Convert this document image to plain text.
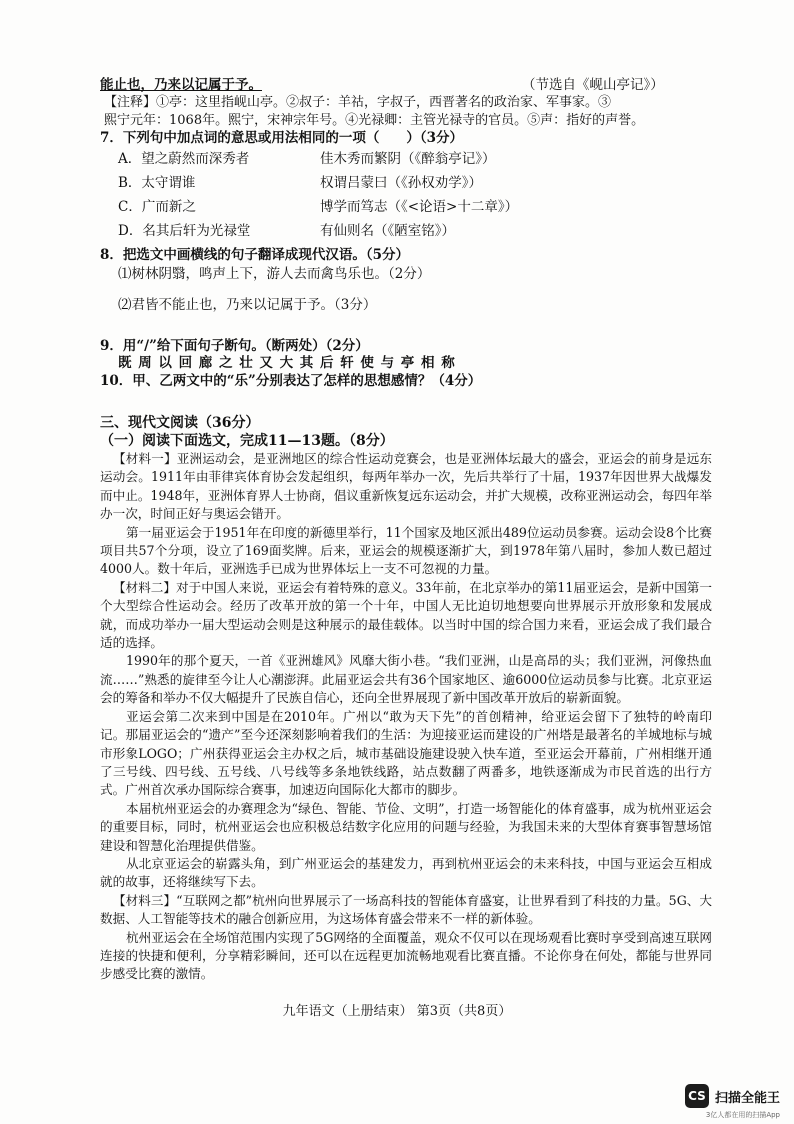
能止也，乃来以记属于予。	（节选自《岘山亭记》）
【注释】①亭：这里指岘山亭。②叔子：羊祜，字叔子，西晋著名的政治家、军事家。③
熙宁元年：1068年。熙宁，宋神宗年号。④光禄卿：主管光禄寺的官员。⑤声：指好的声誉。
7．下列句中加点词的意思或用法相同的一项（　　）（3分）
A．望之蔚然而深秀者	佳木秀而繁阴（《醉翁亭记》）
B．太守谓谁	权谓吕蒙曰（《孙权劝学》）
C．广而新之	博学而笃志（《<论语>十二章》）
D．名其后轩为光禄堂	有仙则名（《陋室铭》）
8．把选文中画横线的句子翻译成现代汉语。（5分）
⑴树林阴翳，鸣声上下，游人去而禽鸟乐也。（2分）
⑵君皆不能止也，乃来以记属于予。（3分）
9．用“/”给下面句子断句。（断两处）（2分）
既 周 以 回 廊 之 壮 又 大 其 后 轩 使 与 亭 相 称
10．甲、乙两文中的“乐”分别表达了怎样的思想感情？（4分）
三、现代文阅读（36分）
（一）阅读下面选文，完成11—13题。（8分）

【材料一】亚洲运动会，是亚洲地区的综合性运动竞赛会，也是亚洲体坛最大的盛会，亚运会的前身是远东运动会。1911年由菲律宾体育协会发起组织，每两年举办一次，先后共举行了十届，1937年因世界大战爆发而中止。1948年，亚洲体育界人士协商，倡议重新恢复远东运动会，并扩大规模，改称亚洲运动会，每四年举办一次，时间正好与奥运会错开。

第一届亚运会于1951年在印度的新德里举行，11个国家及地区派出489位运动员参赛。运动会设8个比赛项目共57个分项，设立了169面奖牌。后来，亚运会的规模逐渐扩大，到1978年第八届时，参加人数已超过4000人。数十年后，亚洲选手已成为世界体坛上一支不可忽视的力量。

【材料二】对于中国人来说，亚运会有着特殊的意义。33年前，在北京举办的第11届亚运会，是新中国第一个大型综合性运动会。经历了改革开放的第一个十年，中国人无比迫切地想要向世界展示开放形象和发展成就，而成功举办一届大型运动会则是这种展示的最佳载体。以当时中国的综合国力来看，亚运会成了我们最合适的选择。

1990年的那个夏天，一首《亚洲雄风》风靡大街小巷。“我们亚洲，山是高昂的头；我们亚洲，河像热血流……”熟悉的旋律至今让人心潮澎湃。此届亚运会共有36个国家地区、逾6000位运动员参与比赛。北京亚运会的筹备和举办不仅大幅提升了民族自信心，还向全世界展现了新中国改革开放后的崭新面貌。

亚运会第二次来到中国是在2010年。广州以“敢为天下先”的首创精神，给亚运会留下了独特的岭南印记。那届亚运会的“遗产”至今还深刻影响着我们的生活：为迎接亚运而建设的广州塔是最著名的羊城地标与城市形象LOGO；广州获得亚运会主办权之后，城市基础设施建设驶入快车道，至亚运会开幕前，广州相继开通了三号线、四号线、五号线、八号线等多条地铁线路，站点数翻了两番多，地铁逐渐成为市民首选的出行方式。广州首次承办国际综合赛事，加速迈向国际化大都市的脚步。

本届杭州亚运会的办赛理念为“绿色、智能、节俭、文明”，打造一场智能化的体育盛事，成为杭州亚运会的重要目标，同时，杭州亚运会也应积极总结数字化应用的问题与经验，为我国未来的大型体育赛事智慧场馆建设和智慧化治理提供借鉴。

从北京亚运会的崭露头角，到广州亚运会的基建发力，再到杭州亚运会的未来科技，中国与亚运会互相成就的故事，还将继续写下去。

【材料三】“互联网之都”杭州向世界展示了一场高科技的智能体育盛宴，让世界看到了科技的力量。5G、大数据、人工智能等技术的融合创新应用，为这场体育盛会带来不一样的新体验。

杭州亚运会在全场馆范围内实现了5G网络的全面覆盖，观众不仅可以在现场观看比赛时享受到高速互联网连接的快捷和便利，分享精彩瞬间，还可以在远程更加流畅地观看比赛直播。不论你身在何处，都能与世界同步感受比赛的激情。

九年语文（上册结束） 第3页（共8页）
CS 扫描全能王
3亿人都在用的扫描App
